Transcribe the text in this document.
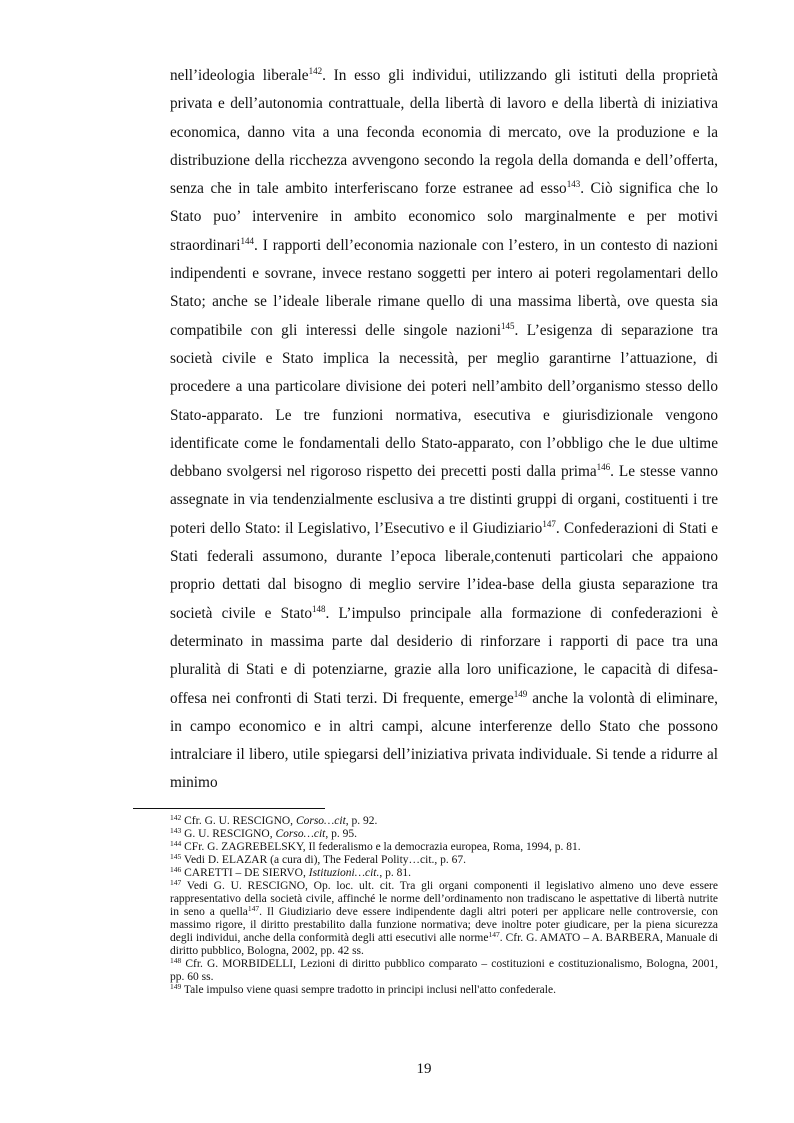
nell’ideologia liberale$^{142}$. In esso gli individui, utilizzando gli istituti della proprietà privata e dell’autonomia contrattuale, della libertà di lavoro e della libertà di iniziativa economica, danno vita a una feconda economia di mercato, ove la produzione e la distribuzione della ricchezza avvengono secondo la regola della domanda e dell’offerta, senza che in tale ambito interferiscano forze estranee ad esso$^{143}$. Ciò significa che lo Stato puo’ intervenire in ambito economico solo marginalmente e per motivi straordinari$^{144}$. I rapporti dell’economia nazionale con l’estero, in un contesto di nazioni indipendenti e sovrane, invece restano soggetti per intero ai poteri regolamentari dello Stato; anche se l’ideale liberale rimane quello di una massima libertà, ove questa sia compatibile con gli interessi delle singole nazioni$^{145}$. L’esigenza di separazione tra società civile e Stato implica la necessità, per meglio garantirne l’attuazione, di procedere a una particolare divisione dei poteri nell’ambito dell’organismo stesso dello Stato-apparato. Le tre funzioni normativa, esecutiva e giurisdizionale vengono identificate come le fondamentali dello Stato-apparato, con l’obbligo che le due ultime debbano svolgersi nel rigoroso rispetto dei precetti posti dalla prima$^{146}$. Le stesse vanno assegnate in via tendenzialmente esclusiva a tre distinti gruppi di organi, costituenti i tre poteri dello Stato: il Legislativo, l’Esecutivo e il Giudiziario$^{147}$. Confederazioni di Stati e Stati federali assumono, durante l’epoca liberale,contenuti particolari che appaiono proprio dettati dal bisogno di meglio servire l’idea-base della giusta separazione tra società civile e Stato$^{148}$. L’impulso principale alla formazione di confederazioni è determinato in massima parte dal desiderio di rinforzare i rapporti di pace tra una pluralità di Stati e di potenziarne, grazie alla loro unificazione, le capacità di difesa-offesa nei confronti di Stati terzi. Di frequente, emerge$^{149}$ anche la volontà di eliminare, in campo economico e in altri campi, alcune interferenze dello Stato che possono intralciare il libero, utile spiegarsi dell’iniziativa privata individuale. Si tende a ridurre al minimo

$^{142}$ Cfr. G. U. RESCIGNO, Corso…cit, p. 92.

$^{143}$ G. U. RESCIGNO, Corso…cit, p. 95.

$^{144}$ CFr. G. ZAGREBELSKY, Il federalismo e la democrazia europea, Roma, 1994, p. 81.

$^{145}$ Vedi D. ELAZAR (a cura di), The Federal Polity…cit., p. 67.

$^{146}$ CARETTI – DE SIERVO, Istituzioni…cit., p. 81.

$^{147}$ Vedi G. U. RESCIGNO, Op. loc. ult. cit. Tra gli organi componenti il legislativo almeno uno deve essere rappresentativo della società civile, affinché le norme dell’ordinamento non tradiscano le aspettative di libertà nutrite in seno a quella$^{147}$. Il Giudiziario deve essere indipendente dagli altri poteri per applicare nelle controversie, con massimo rigore, il diritto prestabilito dalla funzione normativa; deve inoltre poter giudicare, per la piena sicurezza degli individui, anche della conformità degli atti esecutivi alle norme$^{147}$. Cfr. G. AMATO – A. BARBERA, Manuale di diritto pubblico, Bologna, 2002, pp. 42 ss.

$^{148}$ Cfr. G. MORBIDELLI, Lezioni di diritto pubblico comparato – costituzioni e costituzionalismo, Bologna, 2001, pp. 60 ss.

$^{149}$ Tale impulso viene quasi sempre tradotto in principi inclusi nell'atto confederale.

19
